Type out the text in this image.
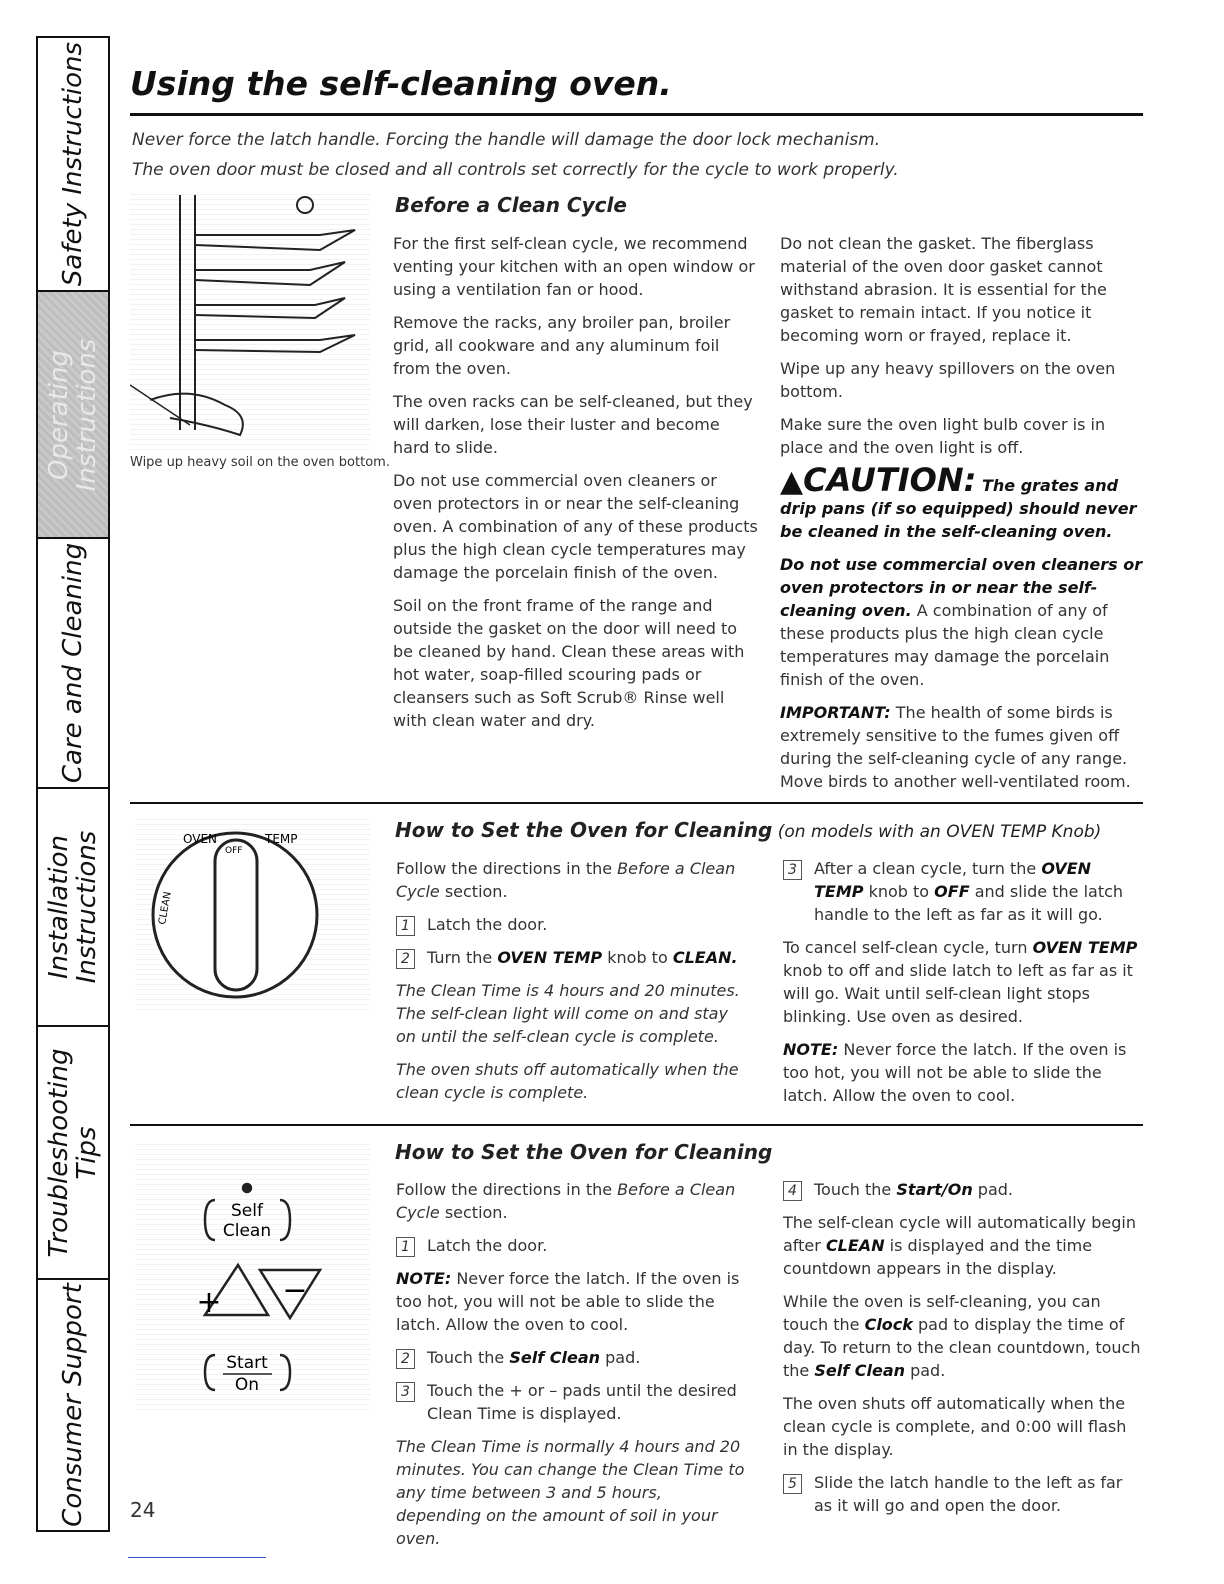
Safety Instructions
Operating
Instructions
Care and Cleaning
Installation
Instructions
Troubleshooting
Tips
Consumer Support
Using the self-cleaning oven.
Never force the latch handle. Forcing the handle will damage the door lock mechanism.
The oven door must be closed and all controls set correctly for the cycle to work properly.
Wipe up heavy soil on the oven bottom.
Before a Clean Cycle
For the first self-clean cycle, we recommend venting your kitchen with an open window or using a ventilation fan or hood.
Remove the racks, any broiler pan, broiler grid, all cookware and any aluminum foil from the oven.
The oven racks can be self-cleaned, but they will darken, lose their luster and become hard to slide.
Do not use commercial oven cleaners or oven protectors in or near the self-cleaning oven. A combination of any of these products plus the high clean cycle temperatures may damage the porcelain finish of the oven.
Soil on the front frame of the range and outside the gasket on the door will need to be cleaned by hand. Clean these areas with hot water, soap-filled scouring pads or cleansers such as Soft Scrub® Rinse well with clean water and dry.
Do not clean the gasket. The fiberglass material of the oven door gasket cannot withstand abrasion. It is essential for the gasket to remain intact. If you notice it becoming worn or frayed, replace it.
Wipe up any heavy spillovers on the oven bottom.
Make sure the oven light bulb cover is in place and the oven light is off.
▲CAUTION: The grates and drip pans (if so equipped) should never be cleaned in the self-cleaning oven.
Do not use commercial oven cleaners or oven protectors in or near the self-cleaning oven. A combination of any of these products plus the high clean cycle temperatures may damage the porcelain finish of the oven.
IMPORTANT: The health of some birds is extremely sensitive to the fumes given off during the self-cleaning cycle of any range. Move birds to another well-ventilated room.
OVEN	TEMP
OFF
CLEAN
How to Set the Oven for Cleaning (on models with an OVEN TEMP Knob)
Follow the directions in the Before a Clean Cycle section.
1	Latch the door.
2	Turn the OVEN TEMP knob to CLEAN.
The Clean Time is 4 hours and 20 minutes. The self-clean light will come on and stay on until the self-clean cycle is complete.
The oven shuts off automatically when the clean cycle is complete.
3	After a clean cycle, turn the OVEN TEMP knob to OFF and slide the latch handle to the left as far as it will go.
To cancel self-clean cycle, turn OVEN TEMP knob to off and slide latch to left as far as it will go. Wait until self-clean light stops blinking. Use oven as desired.
NOTE: Never force the latch. If the oven is too hot, you will not be able to slide the latch. Allow the oven to cool.
Self
Clean
+ −
Start
On
How to Set the Oven for Cleaning
Follow the directions in the Before a Clean Cycle section.
1	Latch the door.
NOTE: Never force the latch. If the oven is too hot, you will not be able to slide the latch. Allow the oven to cool.
2	Touch the Self Clean pad.
3	Touch the + or – pads until the desired Clean Time is displayed.
The Clean Time is normally 4 hours and 20 minutes. You can change the Clean Time to any time between 3 and 5 hours, depending on the amount of soil in your oven.
4	Touch the Start/On pad.
The self-clean cycle will automatically begin after CLEAN is displayed and the time countdown appears in the display.
While the oven is self-cleaning, you can touch the Clock pad to display the time of day. To return to the clean countdown, touch the Self Clean pad.
The oven shuts off automatically when the clean cycle is complete, and 0:00 will flash in the display.
5	Slide the latch handle to the left as far as it will go and open the door.
24
